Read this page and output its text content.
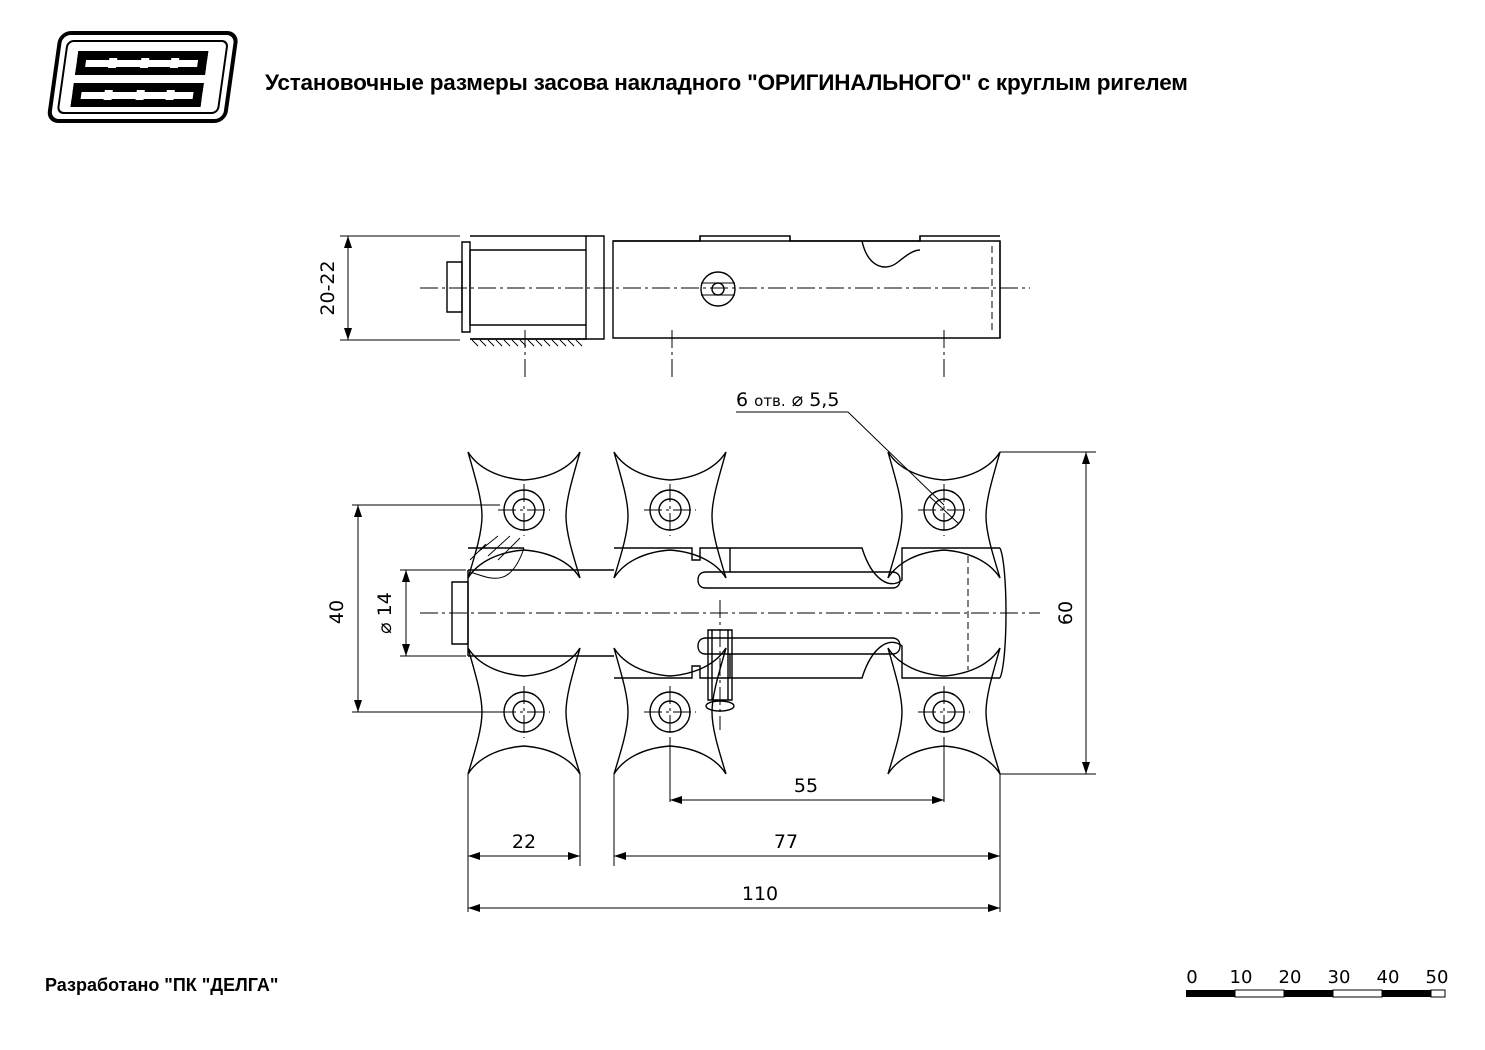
Установочные размеры засова накладного "ОРИГИНАЛЬНОГО" с круглым ригелем
20-22
6 отв. ⌀ 5,5
40 ⌀ 14	60
22
55
77
110
0 10 20 30 40 50
Разработано "ПК "ДЕЛГА"
